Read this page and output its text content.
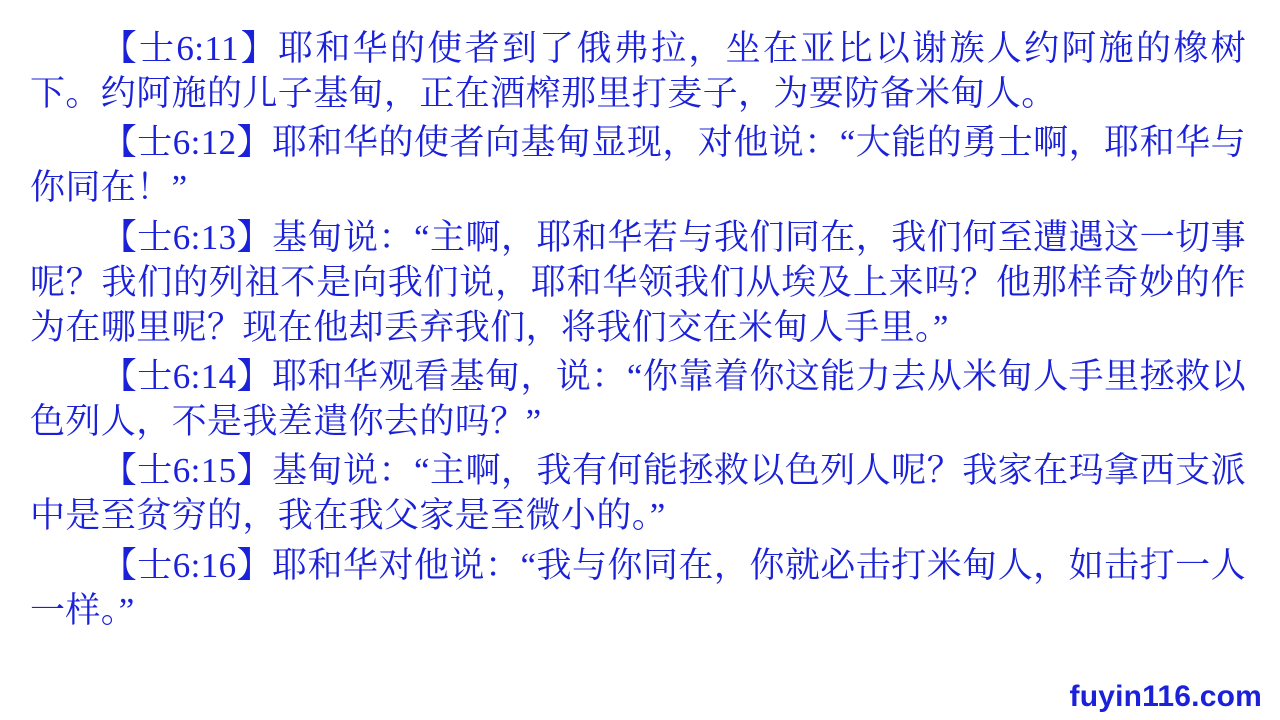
【士6:11】耶和华的使者到了俄弗拉，坐在亚比以谢族人约阿施的橡树下。约阿施的儿子基甸，正在酒榨那里打麦子，为要防备米甸人。

【士6:12】耶和华的使者向基甸显现，对他说：“大能的勇士啊，耶和华与你同在！”

【士6:13】基甸说：“主啊，耶和华若与我们同在，我们何至遭遇这一切事呢？我们的列祖不是向我们说，耶和华领我们从埃及上来吗？他那样奇妙的作为在哪里呢？现在他却丢弃我们，将我们交在米甸人手里。”

【士6:14】耶和华观看基甸，说：“你靠着你这能力去从米甸人手里拯救以色列人，不是我差遣你去的吗？”

【士6:15】基甸说：“主啊，我有何能拯救以色列人呢？我家在玛拿西支派中是至贫穷的，我在我父家是至微小的。”

【士6:16】耶和华对他说：“我与你同在，你就必击打米甸人，如击打一人一样。”

fuyin116.com
